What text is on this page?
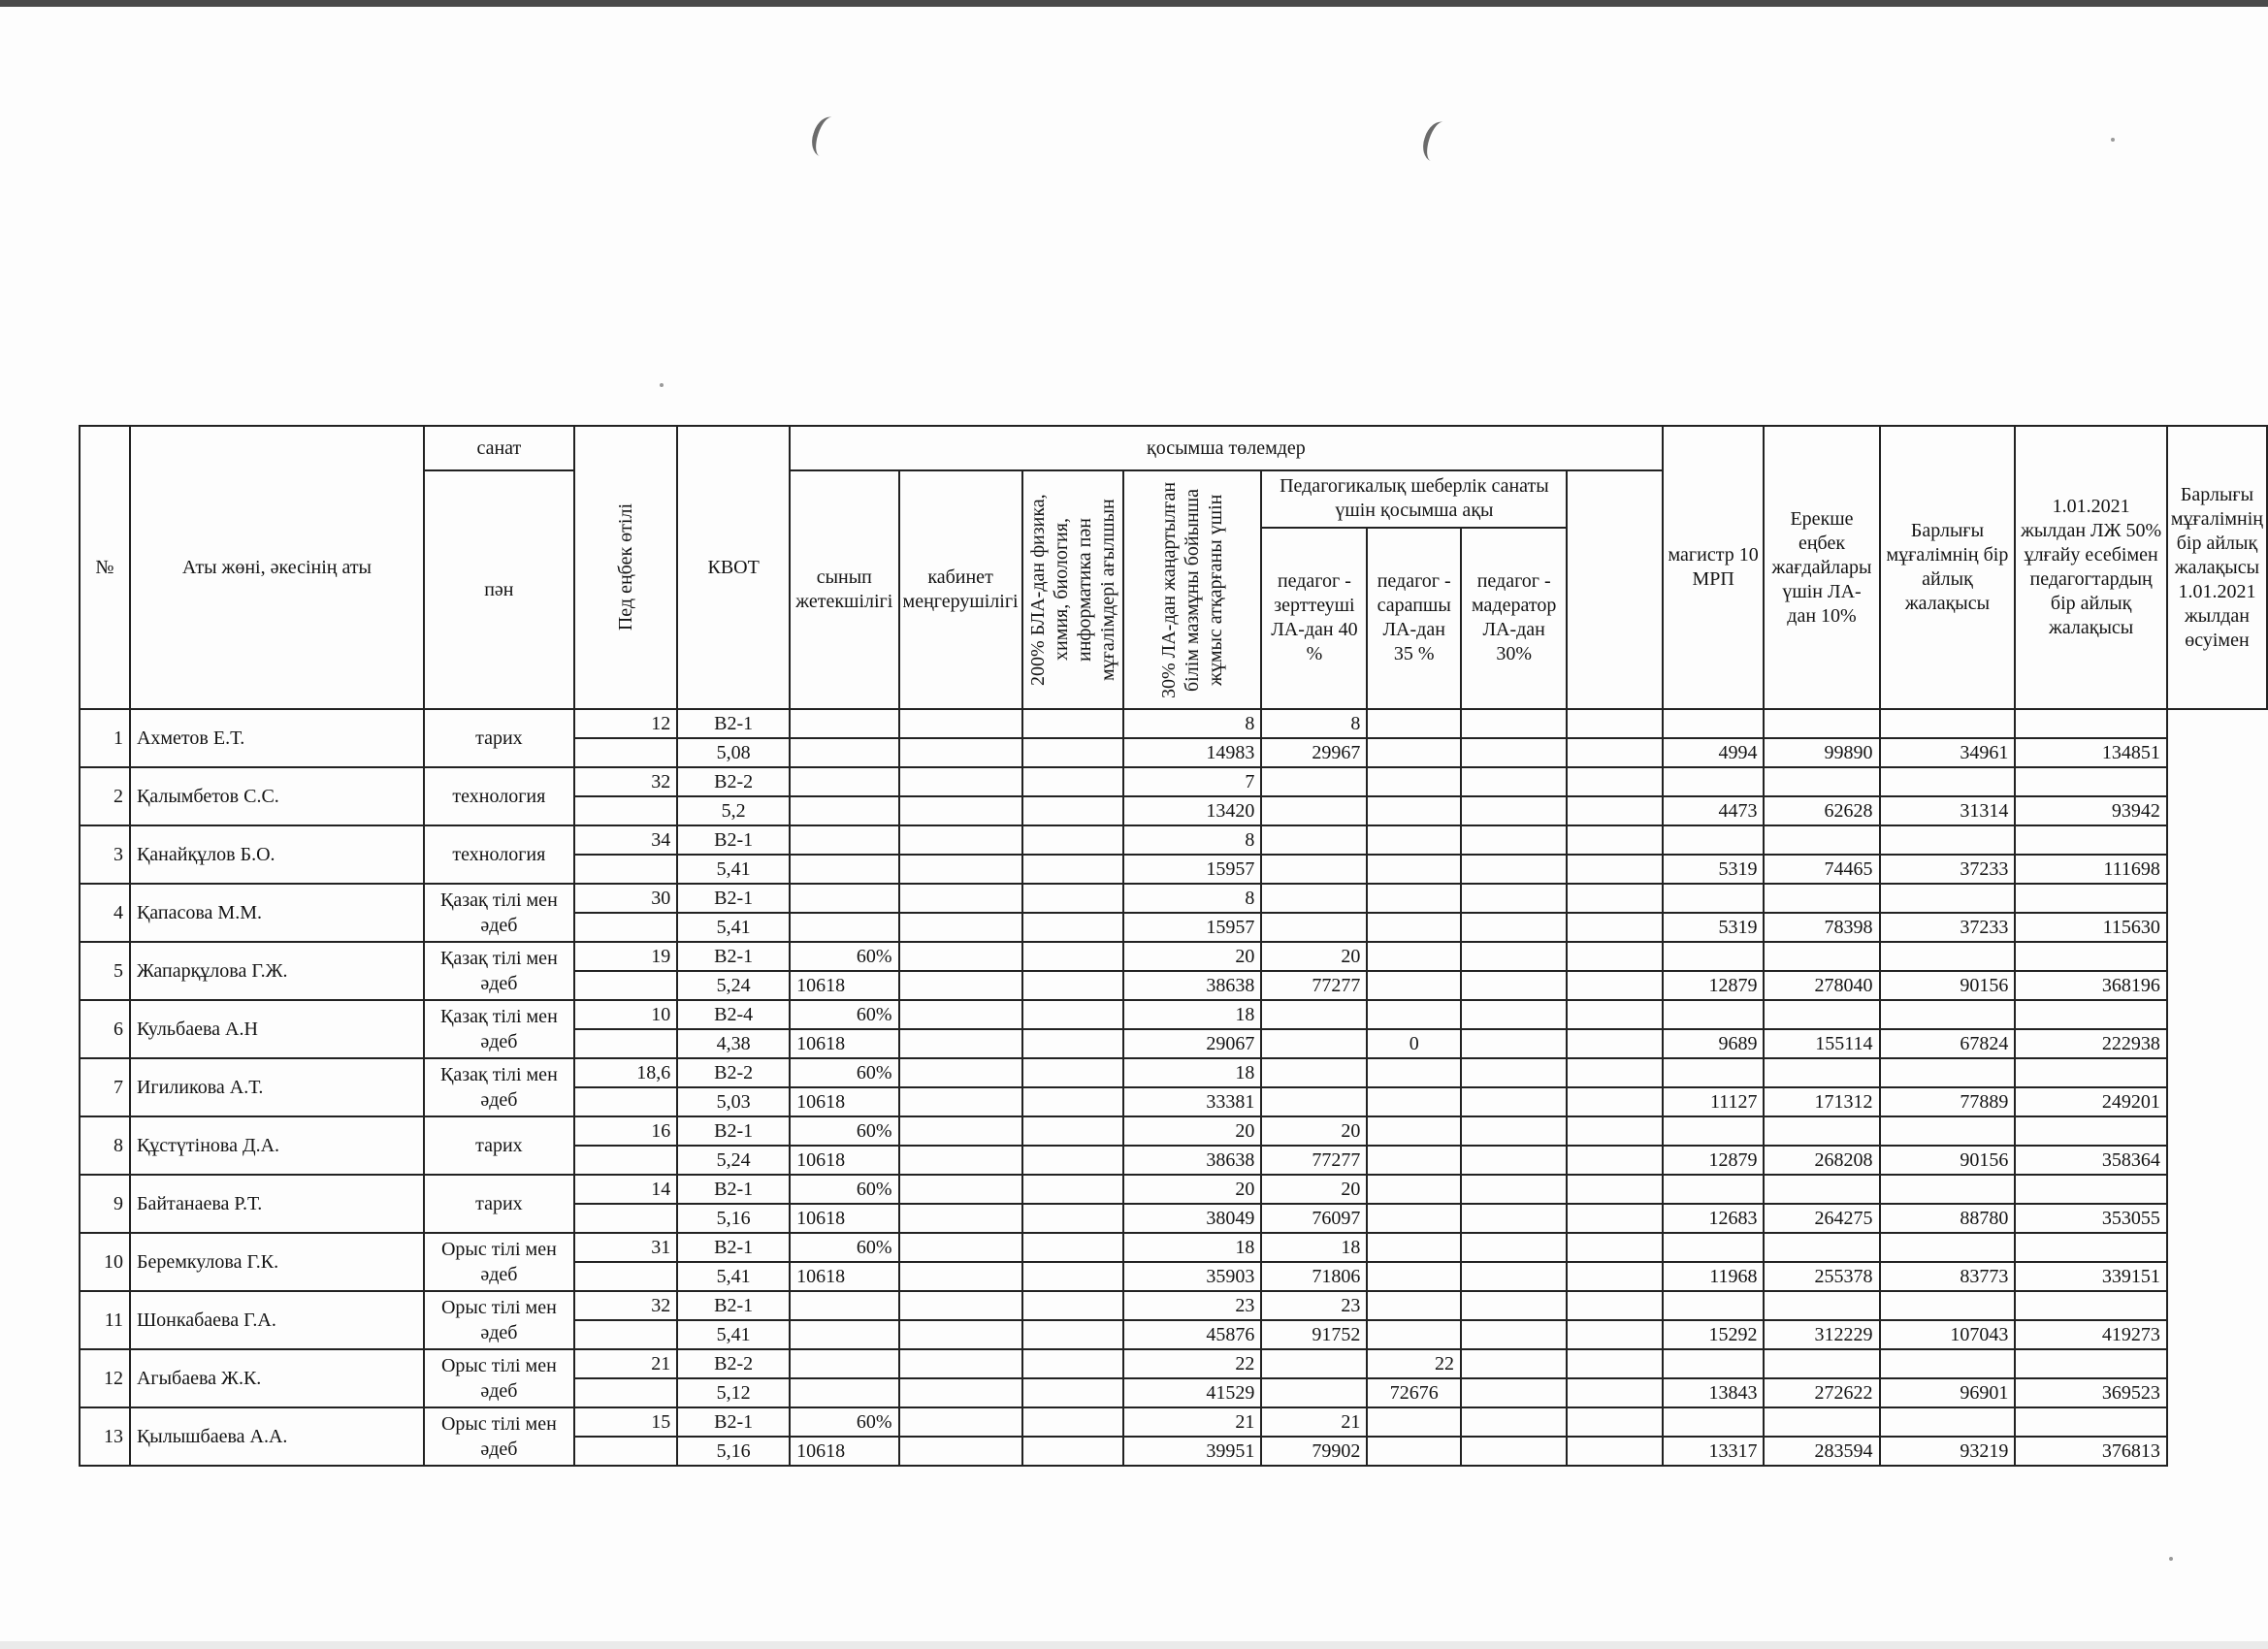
№	Аты жөні, әкесінің аты	санат	Пед еңбек өтілі	КВОТ	қосымша төлемдер								магистр 10 МРП	Ерекше еңбек жағдайлары үшін ЛА-дан 10%	Барлығы мұғалімнің бір айлық жалақысы	1.01.2021 жылдан ЛЖ 50% ұлғайу есебімен педагогтардың бір айлық жалақысы	Барлығы мұғалімнің бір айлық жалақысы 1.01.2021 жылдан өсуімен
		пән			сынып жетекшілігі	кабинет меңгерушілігі	200% БЛА-дан физика, химия, биология, информатика пән мұғалімдері ағылшын	30% ЛА-дан жаңартылған білім мазмұны бойынша жұмыс атқарғаны үшін	Педагогикалық шеберлік санаты үшін қосымша ақы								
									педагог - зерттеуші ЛА-дан 40 %	педагог - сарапшы ЛА-дан 35 %	педагог - мадератор ЛА-дан 30%						
1	Ахметов Е.Т.	тарих	12	В2-1				8	8								
				5,08				14983	29967				4994	99890	34961	134851	
2	Қалымбетов С.С.	технология	32	В2-2				7									
				5,2				13420					4473	62628	31314	93942	
3	Қанайқұлов Б.О.	технология	34	В2-1				8									
				5,41				15957					5319	74465	37233	111698	
4	Қапасова М.М.	Қазақ тілі мен әдеб	30	В2-1				8									
				5,41				15957					5319	78398	37233	115630	
5	Жапарқұлова Г.Ж.	Қазақ тілі мен әдеб	19	В2-1	60%			20	20								
				5,24	10618			38638	77277				12879	278040	90156	368196	
6	Кульбаева А.Н	Қазақ тілі мен әдеб	10	В2-4	60%			18									
				4,38	10618			29067		0			9689	155114	67824	222938	
7	Игиликова А.Т.	Қазақ тілі мен әдеб	18,6	В2-2	60%			18									
				5,03	10618			33381					11127	171312	77889	249201	
8	Құстүтінова Д.А.	тарих	16	В2-1	60%			20	20								
				5,24	10618			38638	77277				12879	268208	90156	358364	
9	Байтанаева Р.Т.	тарих	14	В2-1	60%			20	20								
				5,16	10618			38049	76097				12683	264275	88780	353055	
10	Беремкулова Г.К.	Орыс тілі мен әдеб	31	В2-1	60%			18	18								
				5,41	10618			35903	71806				11968	255378	83773	339151	
11	Шонкабаева Г.А.	Орыс тілі мен әдеб	32	В2-1				23	23								
				5,41				45876	91752				15292	312229	107043	419273	
12	Агыбаева Ж.К.	Орыс тілі мен әдеб	21	В2-2				22		22							
				5,12				41529		72676			13843	272622	96901	369523	
13	Қылышбаева А.А.	Орыс тілі мен әдеб	15	В2-1	60%			21	21								
				5,16	10618			39951	79902				13317	283594	93219	376813	
